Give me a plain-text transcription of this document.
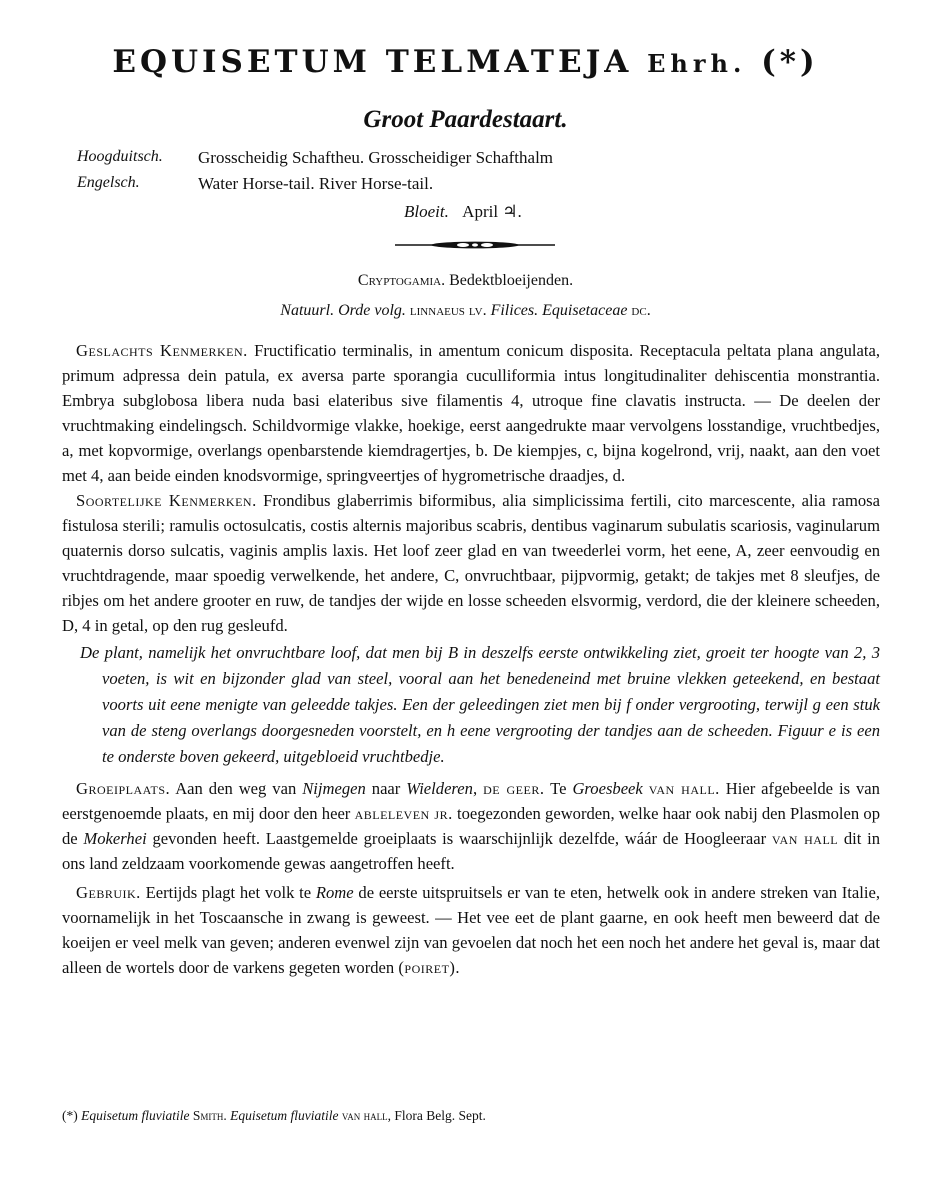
EQUISETUM TELMATEJA Ehrh. (*)
Groot Paardestaart.
Hoogduitsch. Grosscheidig Schaftheu. Grosscheidiger Schafthalm
Engelsch.	Water Horse-tail. River Horse-tail.
Bloeit. April ♃.
Cryptogamia. Bedektbloeijenden.
Natuurl. Orde volg. linnaeus lv. Filices. Equisetaceae dc.

Geslachts Kenmerken. Fructificatio terminalis, in amentum conicum disposita. Receptacula peltata plana angulata, primum adpressa dein patula, ex aversa parte sporangia cuculliformia intus longitudinaliter dehiscentia monstrantia. Embrya subglobosa libera nuda basi elateribus sive filamentis 4, utroque fine clavatis instructa. — De deelen der vruchtmaking eindelingsch. Schildvormige vlakke, hoekige, eerst aangedrukte maar vervolgens losstandige, vruchtbedjes, a, met kopvormige, overlangs openbarstende kiemdragertjes, b. De kiempjes, c, bijna kogelrond, vrij, naakt, aan den voet met 4, aan beide einden knodsvormige, springveertjes of hygrometrische draadjes, d.

Soortelijke Kenmerken. Frondibus glaberrimis biformibus, alia simplicissima fertili, cito marcescente, alia ramosa fistulosa sterili; ramulis octosulcatis, costis alternis majoribus scabris, dentibus vaginarum subulatis scariosis, vaginularum quaternis dorso sulcatis, vaginis amplis laxis. Het loof zeer glad en van tweederlei vorm, het eene, A, zeer eenvoudig en vruchtdragende, maar spoedig verwelkende, het andere, C, onvruchtbaar, pijpvormig, getakt; de takjes met 8 sleufjes, de ribjes om het andere grooter en ruw, de tandjes der wijde en losse scheeden elsvormig, verdord, die der kleinere scheeden, D, 4 in getal, op den rug gesleufd.

De plant, namelijk het onvruchtbare loof, dat men bij B in deszelfs eerste ontwikkeling ziet, groeit ter hoogte van 2, 3 voeten, is wit en bijzonder glad van steel, vooral aan het benedeneind met bruine vlekken geteekend, en bestaat voorts uit eene menigte van geleedde takjes. Een der geleedingen ziet men bij f onder vergrooting, terwijl g een stuk van de steng overlangs doorgesneden voorstelt, en h eene vergrooting der tandjes aan de scheeden. Figuur e is een te onderste boven gekeerd, uitgebloeid vruchtbedje.

Groeiplaats. Aan den weg van Nijmegen naar Wielderen, de geer. Te Groesbeek van hall. Hier afgebeelde is van eerstgenoemde plaats, en mij door den heer ableleven jr. toegezonden geworden, welke haar ook nabij den Plasmolen op de Mokerhei gevonden heeft. Laastgemelde groeiplaats is waarschijnlijk dezelfde, wáár de Hoogleeraar van hall dit in ons land zeldzaam voorkomende gewas aangetroffen heeft.

Gebruik. Eertijds plagt het volk te Rome de eerste uitspruitsels er van te eten, hetwelk ook in andere streken van Italie, voornamelijk in het Toscaansche in zwang is geweest. — Het vee eet de plant gaarne, en ook heeft men beweerd dat de koeijen er veel melk van geven; anderen evenwel zijn van gevoelen dat noch het een noch het andere het geval is, maar dat alleen de wortels door de varkens gegeten worden (poiret).

(*) Equisetum fluviatile Smith. Equisetum fluviatile van hall, Flora Belg. Sept.
